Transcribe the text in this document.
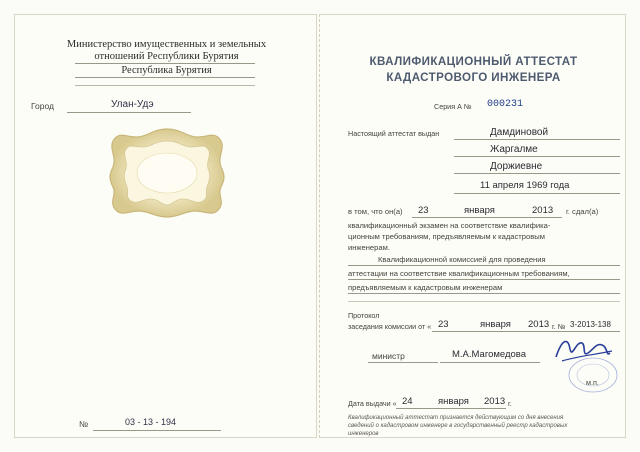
Министерство имущественных и земельных
отношений Республики Бурятия
Республика Бурятия
Город	Улан-Удэ
№	03 - 13 - 194
КВАЛИФИКАЦИОННЫЙ АТТЕСТАТ
КАДАСТРОВОГО ИНЖЕНЕРА
Серия А № 000231
Настоящий аттестат выдан	Дамдиновой
Жаргалме
Доржиевне
11 апреля 1969 года
в том, что он(а) 23	января	2013 г. сдал(а)
квалификационный экзамен на соответствие квалифика-
ционным требованиям, предъявляемым к кадастровым
инженерам.
Квалификационной комиссией для проведения
аттестации на соответствие квалификационным требованиям,
предъявляемым к кадастровым инженерам
Протокол
заседания комиссии от « 23	января 2013 г. № 3-2013-138
министр	М.А.Магомедова
м.п.
Дата выдачи « 24	января 2013 г.
Квалификационный аттестат признается действующим со дня внесения
сведений о кадастровом инженере в государственный реестр кадастровых
инженеров
